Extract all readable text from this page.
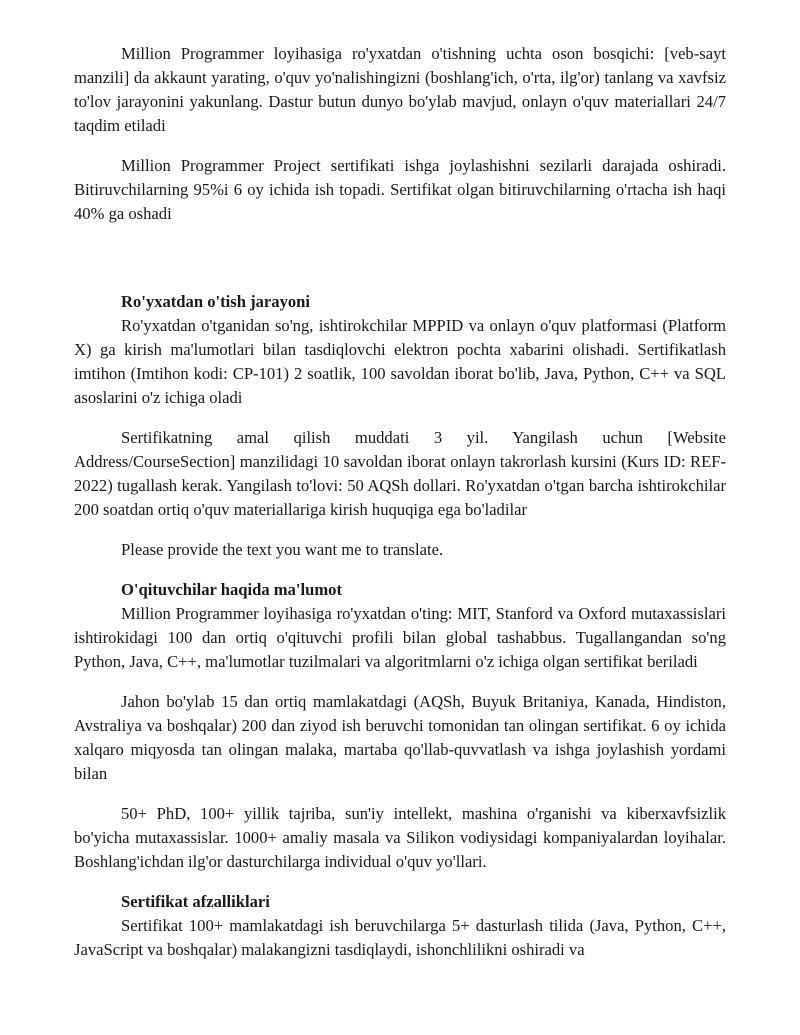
Million Programmer loyihasiga ro'yxatdan o'tishning uchta oson bosqichi: [veb-sayt manzili] da akkaunt yarating, o'quv yo'nalishingizni (boshlang'ich, o'rta, ilg'or) tanlang va xavfsiz to'lov jarayonini yakunlang. Dastur butun dunyo bo'ylab mavjud, onlayn o'quv materiallari 24/7 taqdim etiladi

Million Programmer Project sertifikati ishga joylashishni sezilarli darajada oshiradi. Bitiruvchilarning 95%i 6 oy ichida ish topadi. Sertifikat olgan bitiruvchilarning o'rtacha ish haqi 40% ga oshadi

Ro'yxatdan o'tish jarayoni

Ro'yxatdan o'tganidan so'ng, ishtirokchilar MPPID va onlayn o'quv platformasi (Platform X) ga kirish ma'lumotlari bilan tasdiqlovchi elektron pochta xabarini olishadi. Sertifikatlash imtihon (Imtihon kodi: CP-101) 2 soatlik, 100 savoldan iborat bo'lib, Java, Python, C++ va SQL asoslarini o'z ichiga oladi

Sertifikatning amal qilish muddati 3 yil. Yangilash uchun [Website Address/CourseSection] manzilidagi 10 savoldan iborat onlayn takrorlash kursini (Kurs ID: REF-2022) tugallash kerak. Yangilash to'lovi: 50 AQSh dollari. Ro'yxatdan o'tgan barcha ishtirokchilar 200 soatdan ortiq o'quv materiallariga kirish huquqiga ega bo'ladilar

Please provide the text you want me to translate.

O'qituvchilar haqida ma'lumot

Million Programmer loyihasiga ro'yxatdan o'ting: MIT, Stanford va Oxford mutaxassislari ishtirokidagi 100 dan ortiq o'qituvchi profili bilan global tashabbus. Tugallangandan so'ng Python, Java, C++, ma'lumotlar tuzilmalari va algoritmlarni o'z ichiga olgan sertifikat beriladi

Jahon bo'ylab 15 dan ortiq mamlakatdagi (AQSh, Buyuk Britaniya, Kanada, Hindiston, Avstraliya va boshqalar) 200 dan ziyod ish beruvchi tomonidan tan olingan sertifikat. 6 oy ichida xalqaro miqyosda tan olingan malaka, martaba qo'llab-quvvatlash va ishga joylashish yordami bilan

50+ PhD, 100+ yillik tajriba, sun'iy intellekt, mashina o'rganishi va kiberxavfsizlik bo'yicha mutaxassislar. 1000+ amaliy masala va Silikon vodiysidagi kompaniyalardan loyihalar. Boshlang'ichdan ilg'or dasturchilarga individual o'quv yo'llari.

Sertifikat afzalliklari

Sertifikat 100+ mamlakatdagi ish beruvchilarga 5+ dasturlash tilida (Java, Python, C++, JavaScript va boshqalar) malakangizni tasdiqlaydi, ishonchlilikni oshiradi va
